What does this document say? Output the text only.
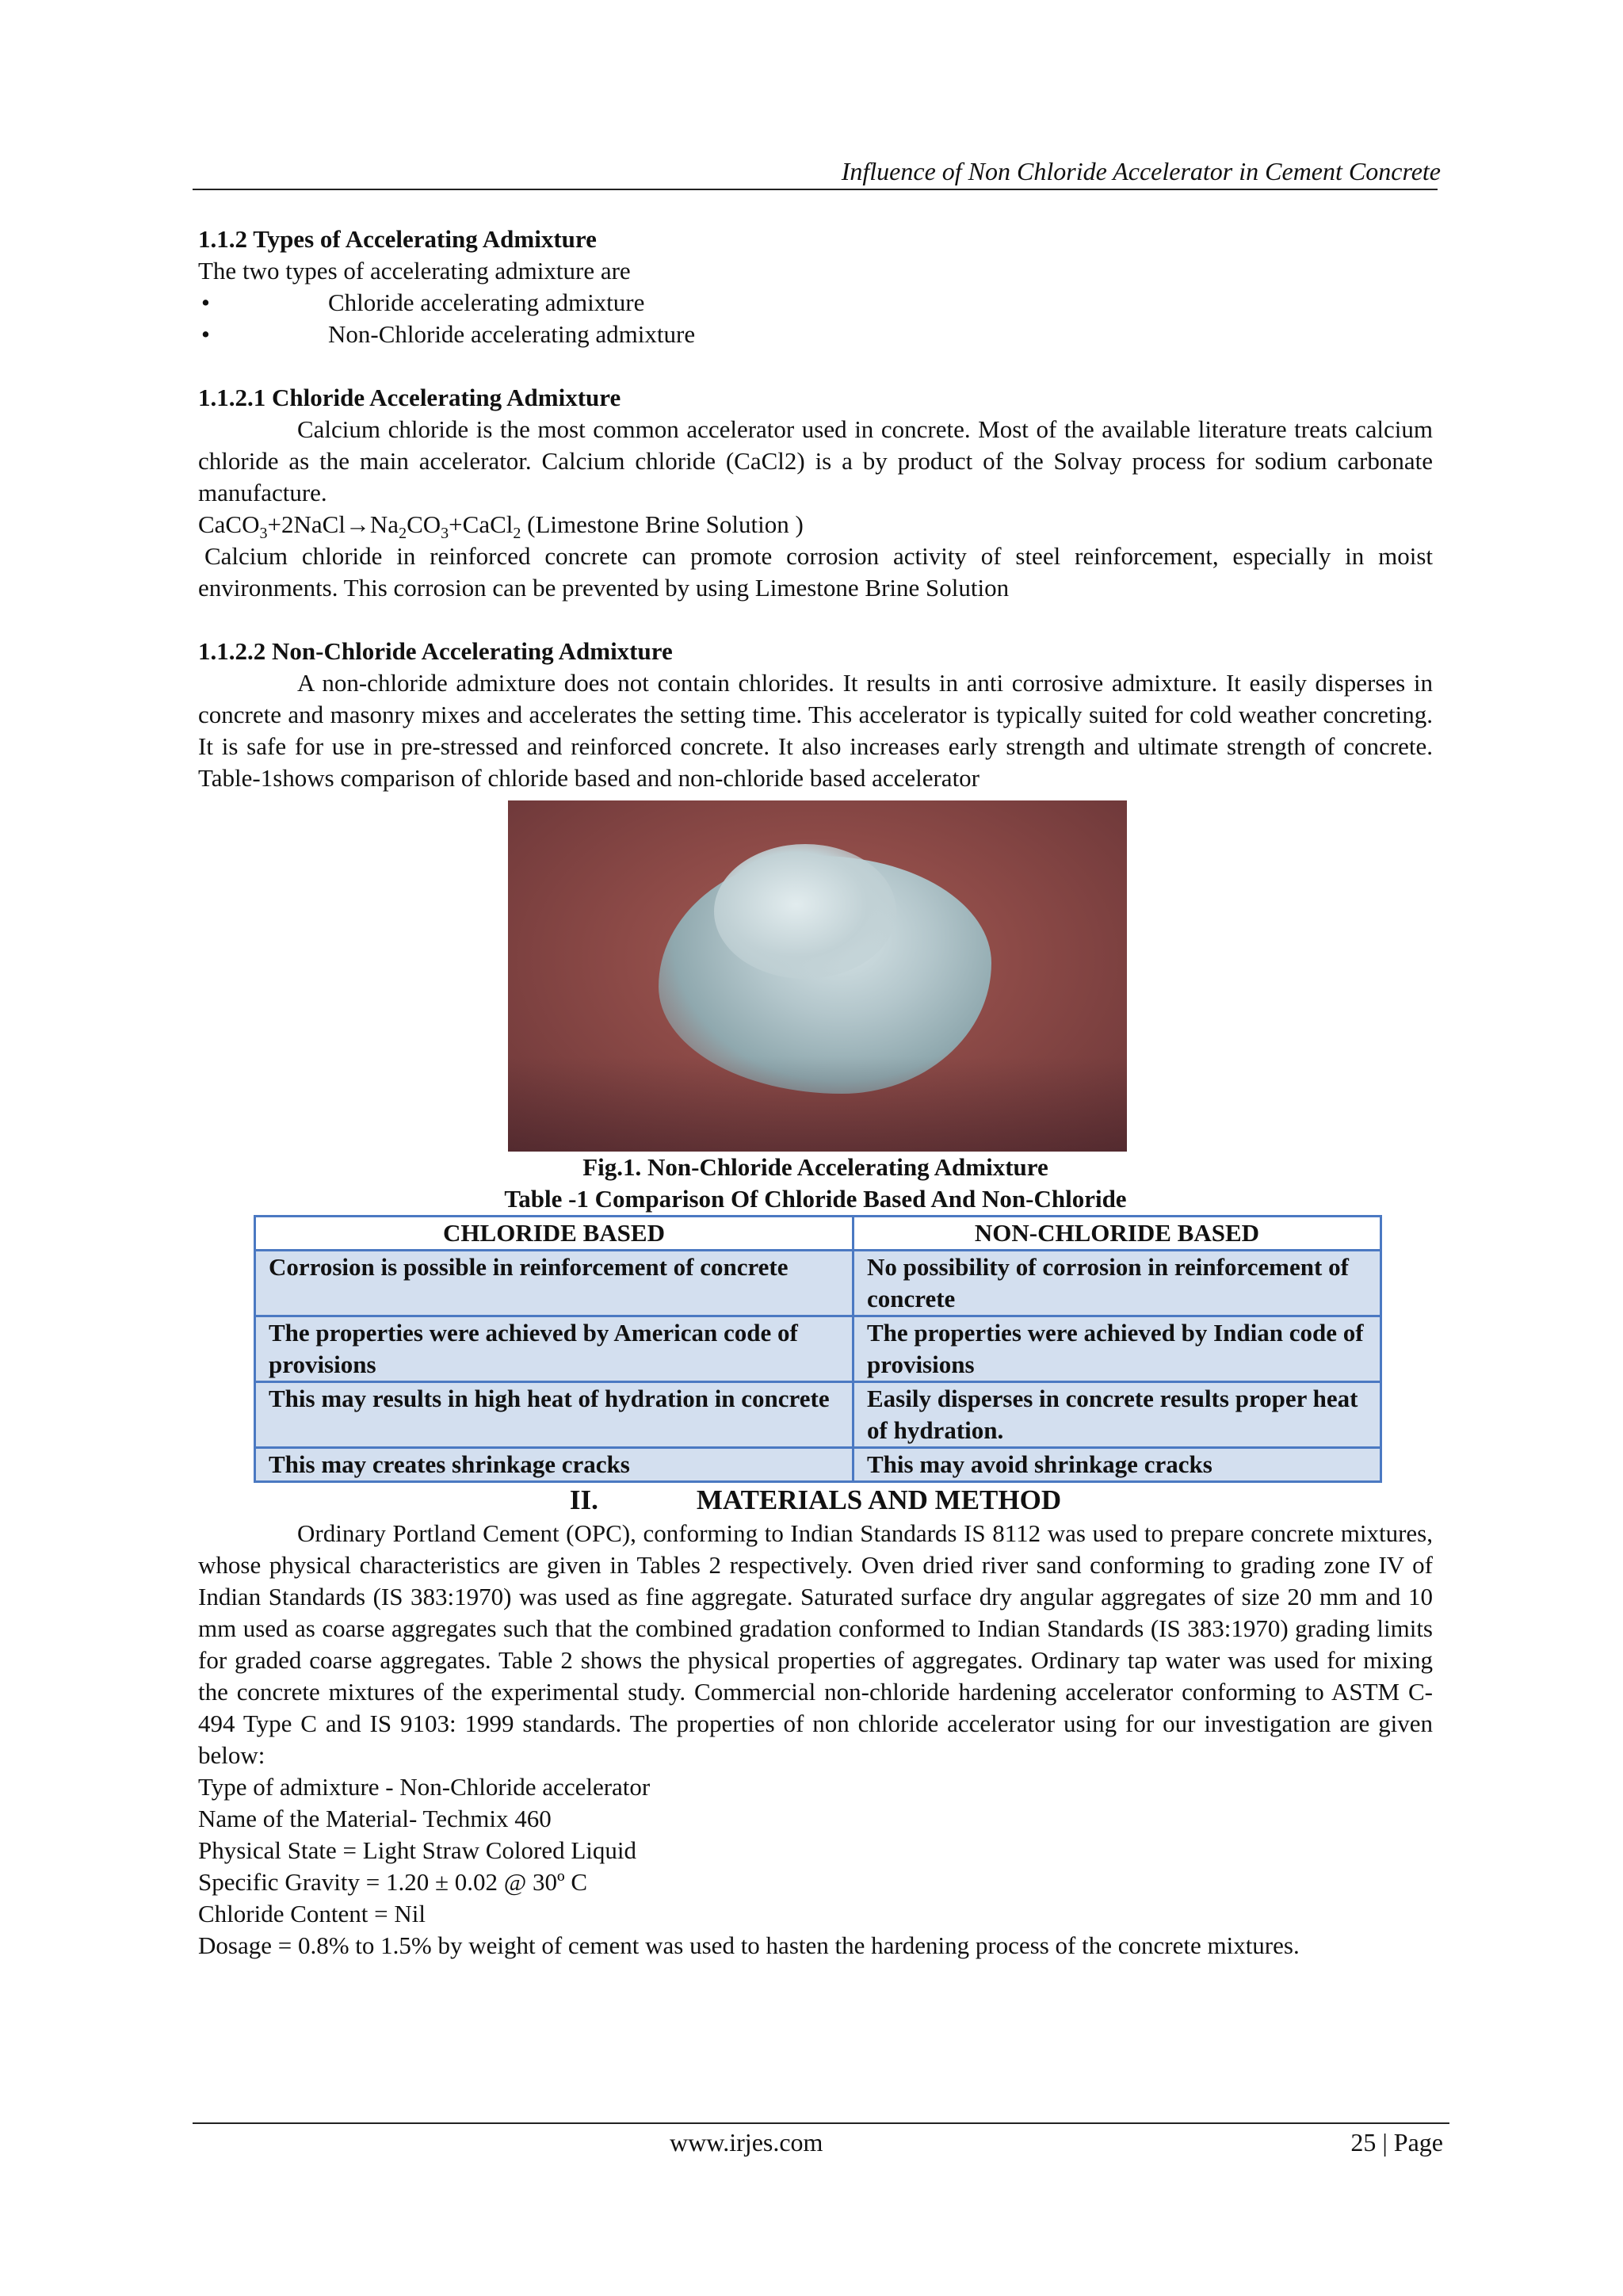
Influence of Non Chloride Accelerator in Cement Concrete

1.1.2 Types of Accelerating Admixture

The two types of accelerating admixture are

•	Chloride accelerating admixture
•	Non-Chloride accelerating admixture

1.1.2.1 Chloride Accelerating Admixture

Calcium chloride is the most common accelerator used in concrete. Most of the available literature treats calcium chloride as the main accelerator. Calcium chloride (CaCl2) is a by product of the Solvay process for sodium carbonate manufacture.

$CaCO_3+2NaCl\to Na_2CO_3+CaCl_2$ (Limestone Brine Solution )

Calcium chloride in reinforced concrete can promote corrosion activity of steel reinforcement, especially in moist environments. This corrosion can be prevented by using Limestone Brine Solution

1.1.2.2 Non-Chloride Accelerating Admixture

A non-chloride admixture does not contain chlorides. It results in anti corrosive admixture. It easily disperses in concrete and masonry mixes and accelerates the setting time. This accelerator is typically suited for cold weather concreting. It is safe for use in pre-stressed and reinforced concrete. It also increases early strength and ultimate strength of concrete. Table-1shows comparison of chloride based and non-chloride based accelerator

Fig.1. Non-Chloride Accelerating Admixture

Table -1 Comparison Of Chloride Based And Non-Chloride

CHLORIDE BASED	NON-CHLORIDE BASED
Corrosion is possible in reinforcement of concrete	No possibility of corrosion in reinforcement of concrete
The properties were achieved by American code of provisions	The properties were achieved by Indian code of provisions
This may results in high heat of hydration in concrete	Easily disperses in concrete results proper heat of hydration.
This may creates shrinkage cracks	This may avoid shrinkage cracks

II.	MATERIALS AND METHOD

Ordinary Portland Cement (OPC), conforming to Indian Standards IS 8112 was used to prepare concrete mixtures, whose physical characteristics are given in Tables 2 respectively. Oven dried river sand conforming to grading zone IV of Indian Standards (IS 383:1970) was used as fine aggregate. Saturated surface dry angular aggregates of size 20 mm and 10 mm used as coarse aggregates such that the combined gradation conformed to Indian Standards (IS 383:1970) grading limits for graded coarse aggregates. Table 2 shows the physical properties of aggregates. Ordinary tap water was used for mixing the concrete mixtures of the experimental study. Commercial non-chloride hardening accelerator conforming to ASTM C-494 Type C and IS 9103: 1999 standards. The properties of non chloride accelerator using for our investigation are given below:

Type of admixture - Non-Chloride accelerator

Name of the Material- Techmix 460

Physical State = Light Straw Colored Liquid

Specific Gravity = 1.20 ± 0.02 @ 30º C

Chloride Content = Nil

Dosage = 0.8% to 1.5% by weight of cement was used to hasten the hardening process of the concrete mixtures.

www.irjes.com	25 | Page
